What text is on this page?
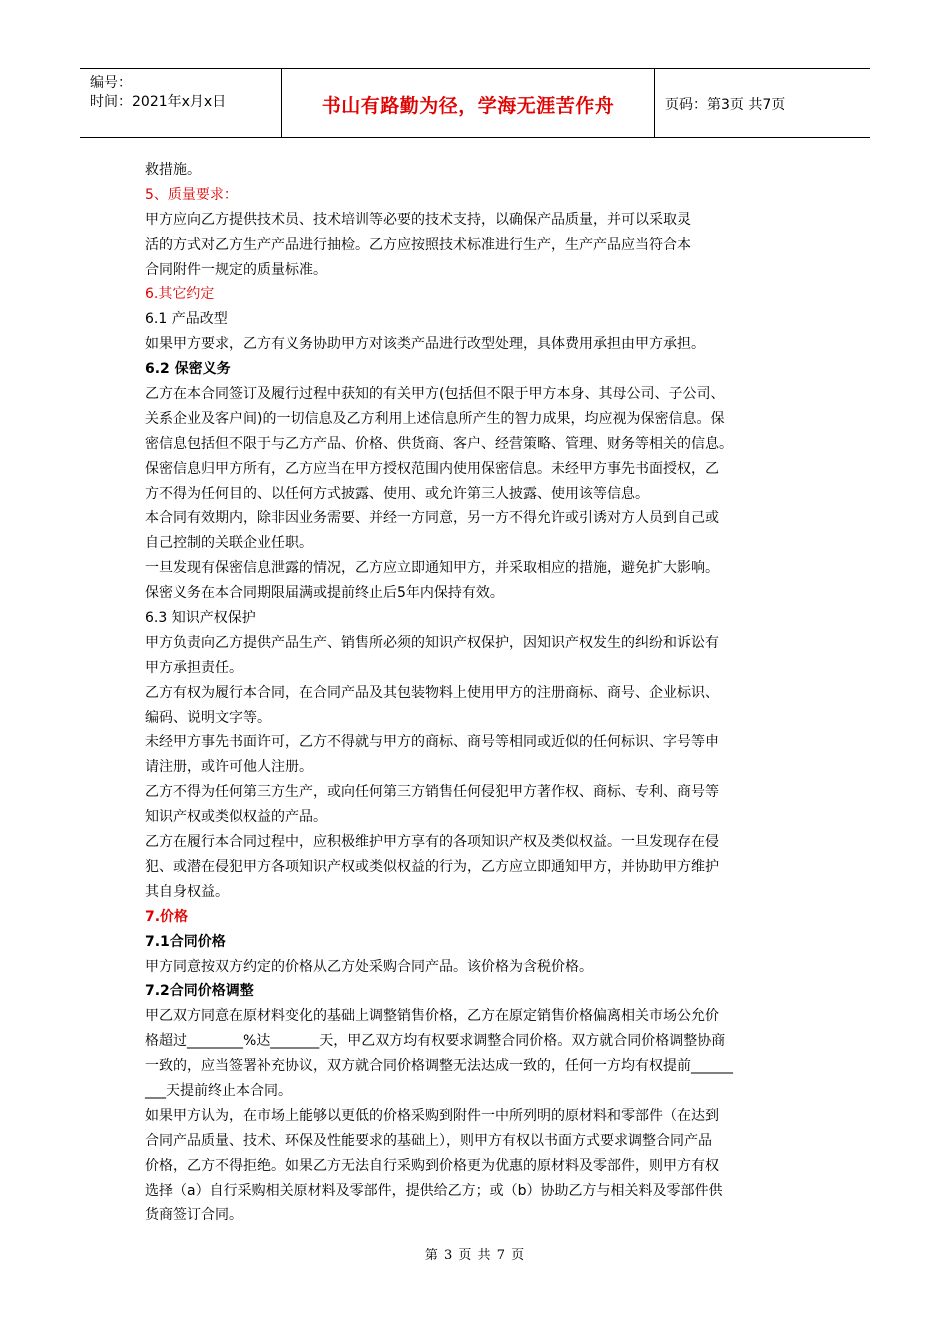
编号：
时间：2021年x月x日	书山有路勤为径，学海无涯苦作舟	页码：第3页 共7页
救措施。
5、质量要求：
甲方应向乙方提供技术员、技术培训等必要的技术支持，以确保产品质量，并可以采取灵
活的方式对乙方生产产品进行抽检。乙方应按照技术标准进行生产，生产产品应当符合本
合同附件一规定的质量标准。
6.其它约定
6.1 产品改型
如果甲方要求，乙方有义务协助甲方对该类产品进行改型处理，具体费用承担由甲方承担。
6.2 保密义务
乙方在本合同签订及履行过程中获知的有关甲方(包括但不限于甲方本身、其母公司、子公司、
关系企业及客户间)的一切信息及乙方利用上述信息所产生的智力成果，均应视为保密信息。保
密信息包括但不限于与乙方产品、价格、供货商、客户、经营策略、管理、财务等相关的信息。
保密信息归甲方所有，乙方应当在甲方授权范围内使用保密信息。未经甲方事先书面授权，乙
方不得为任何目的、以任何方式披露、使用、或允许第三人披露、使用该等信息。
本合同有效期内，除非因业务需要、并经一方同意，另一方不得允许或引诱对方人员到自己或
自己控制的关联企业任职。
一旦发现有保密信息泄露的情况，乙方应立即通知甲方，并采取相应的措施，避免扩大影响。
保密义务在本合同期限届满或提前终止后5年内保持有效。
6.3 知识产权保护
甲方负责向乙方提供产品生产、销售所必须的知识产权保护，因知识产权发生的纠纷和诉讼有
甲方承担责任。
乙方有权为履行本合同，在合同产品及其包装物料上使用甲方的注册商标、商号、企业标识、
编码、说明文字等。
未经甲方事先书面许可，乙方不得就与甲方的商标、商号等相同或近似的任何标识、字号等申
请注册，或许可他人注册。
乙方不得为任何第三方生产，或向任何第三方销售任何侵犯甲方著作权、商标、专利、商号等
知识产权或类似权益的产品。
乙方在履行本合同过程中，应积极维护甲方享有的各项知识产权及类似权益。一旦发现存在侵
犯、或潜在侵犯甲方各项知识产权或类似权益的行为，乙方应立即通知甲方，并协助甲方维护
其自身权益。
7.价格
7.1合同价格
甲方同意按双方约定的价格从乙方处采购合同产品。该价格为含税价格。
7.2合同价格调整
甲乙双方同意在原材料变化的基础上调整销售价格，乙方在原定销售价格偏离相关市场公允价
格超过________%达_______天，甲乙双方均有权要求调整合同价格。双方就合同价格调整协商
一致的，应当签署补充协议，双方就合同价格调整无法达成一致的，任何一方均有权提前______
___天提前终止本合同。
如果甲方认为，在市场上能够以更低的价格采购到附件一中所列明的原材料和零部件（在达到
合同产品质量、技术、环保及性能要求的基础上），则甲方有权以书面方式要求调整合同产品
价格，乙方不得拒绝。如果乙方无法自行采购到价格更为优惠的原材料及零部件，则甲方有权
选择（a）自行采购相关原材料及零部件，提供给乙方；或（b）协助乙方与相关料及零部件供
货商签订合同。
第 3 页 共 7 页
